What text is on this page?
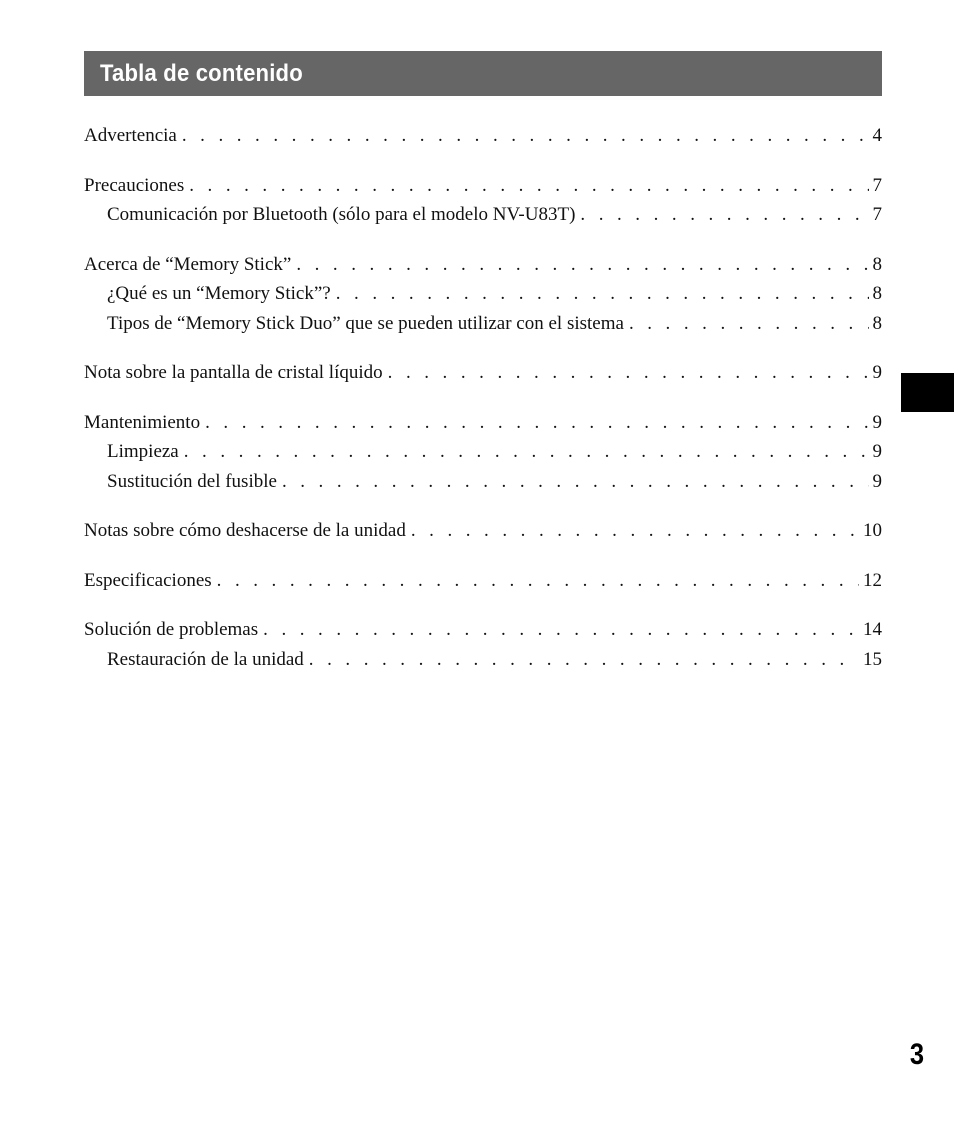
Tabla de contenido
Advertencia . . .	4
Precauciones . . .	7
Comunicación por Bluetooth (sólo para el modelo NV-U83T) . . .	7
Acerca de “Memory Stick” . . .	8
¿Qué es un “Memory Stick”? . . .	8
Tipos de “Memory Stick Duo” que se pueden utilizar con el sistema . . .	8
Nota sobre la pantalla de cristal líquido . . .	9
Mantenimiento . . .	9
Limpieza . . .	9
Sustitución del fusible . . .	9
Notas sobre cómo deshacerse de la unidad . . .	10
Especificaciones . . .	12
Solución de problemas . . .	14
Restauración de la unidad . . .	15
3
